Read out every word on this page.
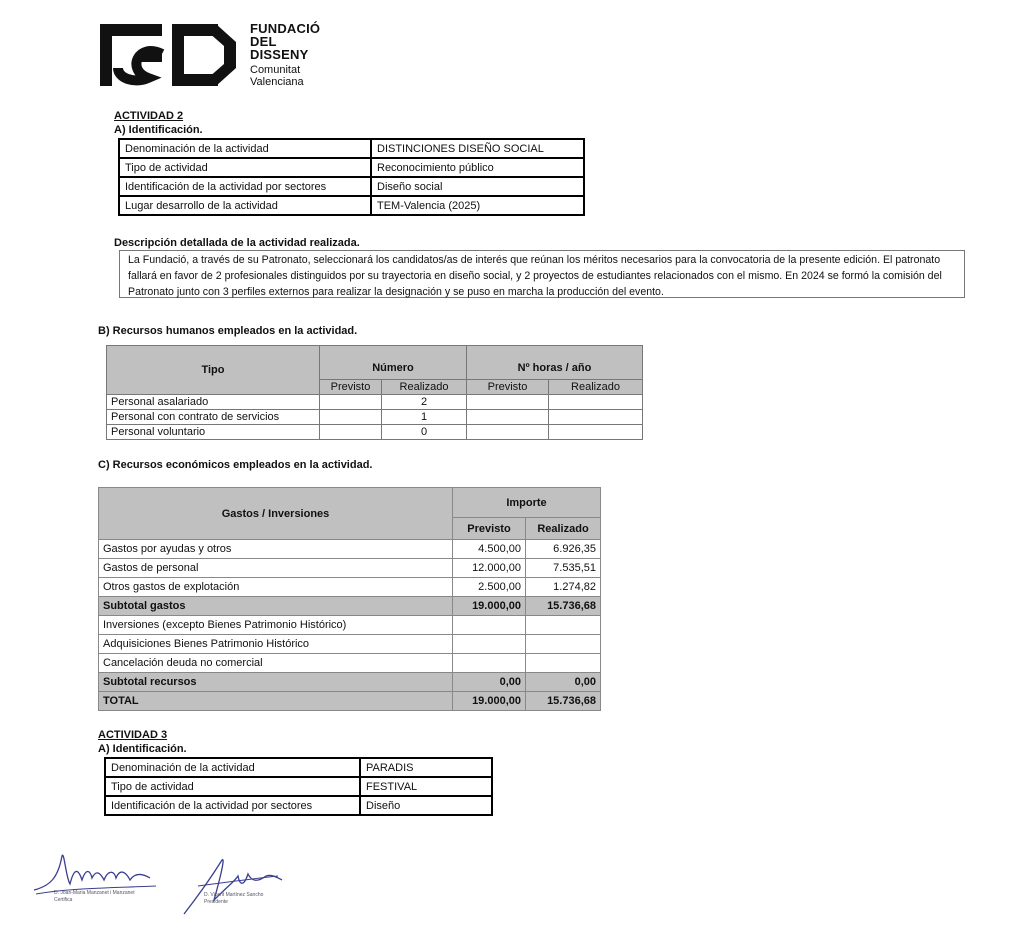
FUNDACIÓ
DEL
DISSENY
Comunitat
Valenciana
ACTIVIDAD 2
A) Identificación.
Denominación de la actividad	DISTINCIONES DISEÑO SOCIAL
Tipo de actividad	Reconocimiento público
Identificación de la actividad por sectores	Diseño social
Lugar desarrollo de la actividad	TEM-Valencia (2025)
Descripción detallada de la actividad realizada.
La Fundació, a través de su Patronato, seleccionará los candidatos/as de interés que reúnan los méritos necesarios para la convocatoria de la presente edición. El patronato fallará en favor de 2 profesionales distinguidos por su trayectoria en diseño social, y 2 proyectos de estudiantes relacionados con el mismo. En 2024 se formó la comisión del Patronato junto con 3 perfiles externos para realizar la designación y se puso en marcha la producción del evento.
B) Recursos humanos empleados en la actividad.
Tipo	Número		Nº horas / año	
	Previsto	Realizado	Previsto	Realizado
Personal asalariado		2		
Personal con contrato de servicios		1		
Personal voluntario		0		
C) Recursos económicos empleados en la actividad.
Gastos / Inversiones	Importe	
	Previsto	Realizado
Gastos por ayudas y otros	4.500,00	6.926,35
Gastos de personal	12.000,00	7.535,51
Otros gastos de explotación	2.500,00	1.274,82
Subtotal gastos	19.000,00	15.736,68
Inversiones (excepto Bienes Patrimonio Histórico)		
Adquisiciones Bienes Patrimonio Histórico		
Cancelación deuda no comercial		
Subtotal recursos	0,00	0,00
TOTAL	19.000,00	15.736,68
ACTIVIDAD 3
A) Identificación.
Denominación de la actividad	PARADIS
Tipo de actividad	FESTIVAL
Identificación de la actividad por sectores	Diseño
D. Joan-Maria Manzanet i Manzanet
Certifica
D. Vicent Martínez Sancho
Presidente
